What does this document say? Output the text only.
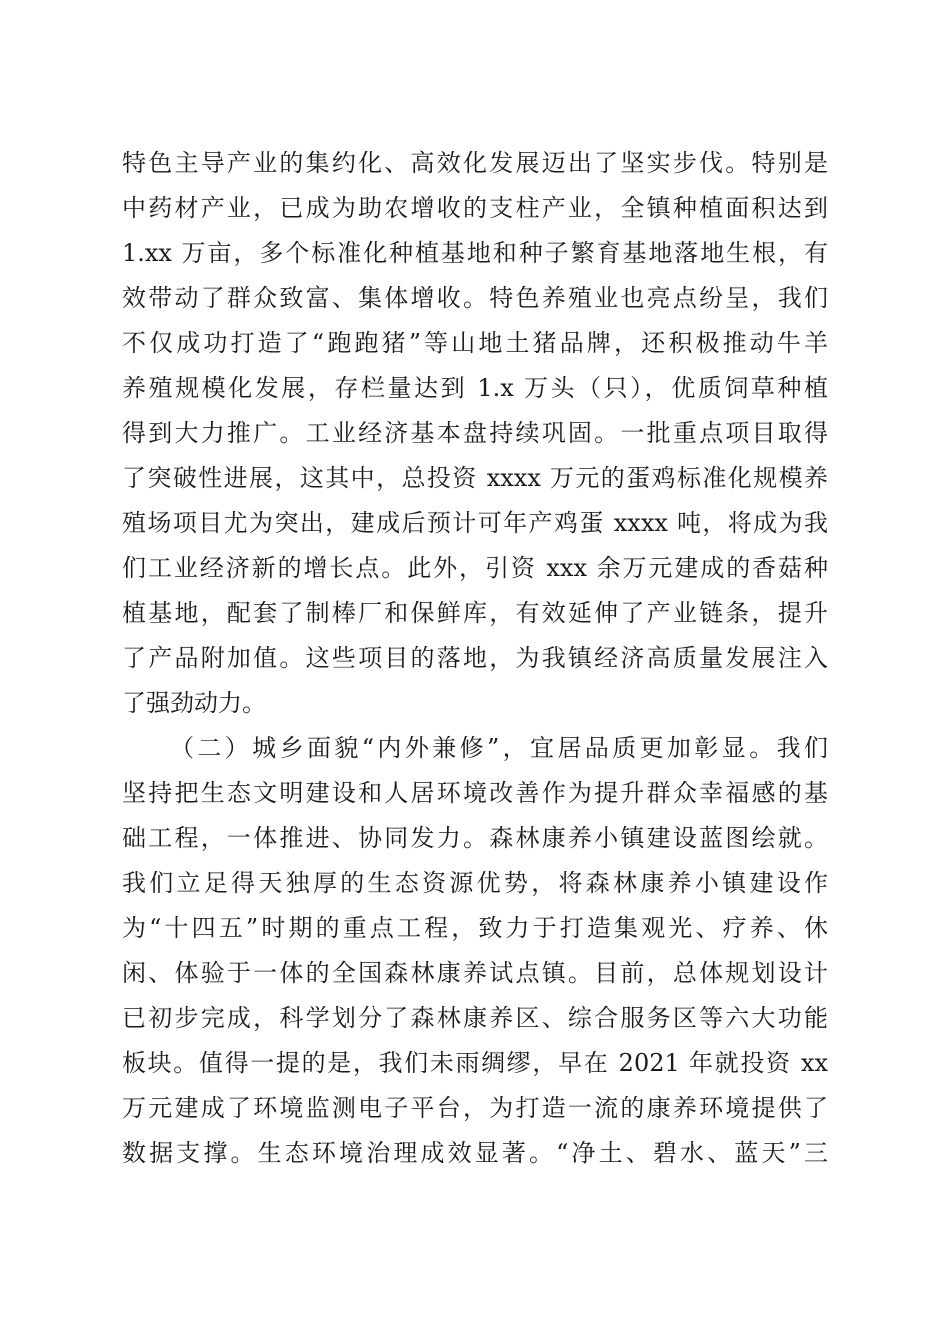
特色主导产业的集约化、高效化发展迈出了坚实步伐。特别是
中药材产业，已成为助农增收的支柱产业，全镇种植面积达到
1.xx 万亩，多个标准化种植基地和种子繁育基地落地生根，有
效带动了群众致富、集体增收。特色养殖业也亮点纷呈，我们
不仅成功打造了“跑跑猪”等山地土猪品牌，还积极推动牛羊
养殖规模化发展，存栏量达到 1.x 万头（只），优质饲草种植
得到大力推广。工业经济基本盘持续巩固。一批重点项目取得
了突破性进展，这其中，总投资 xxxx 万元的蛋鸡标准化规模养
殖场项目尤为突出，建成后预计可年产鸡蛋 xxxx 吨，将成为我
们工业经济新的增长点。此外，引资 xxx 余万元建成的香菇种
植基地，配套了制棒厂和保鲜库，有效延伸了产业链条，提升
了产品附加值。这些项目的落地，为我镇经济高质量发展注入
了强劲动力。
（二）城乡面貌“内外兼修”，宜居品质更加彰显。我们
坚持把生态文明建设和人居环境改善作为提升群众幸福感的基
础工程，一体推进、协同发力。森林康养小镇建设蓝图绘就。
我们立足得天独厚的生态资源优势，将森林康养小镇建设作
为“十四五”时期的重点工程，致力于打造集观光、疗养、休
闲、体验于一体的全国森林康养试点镇。目前，总体规划设计
已初步完成，科学划分了森林康养区、综合服务区等六大功能
板块。值得一提的是，我们未雨绸缪，早在 2021 年就投资 xx
万元建成了环境监测电子平台，为打造一流的康养环境提供了
数据支撑。生态环境治理成效显著。“净土、碧水、蓝天”三
